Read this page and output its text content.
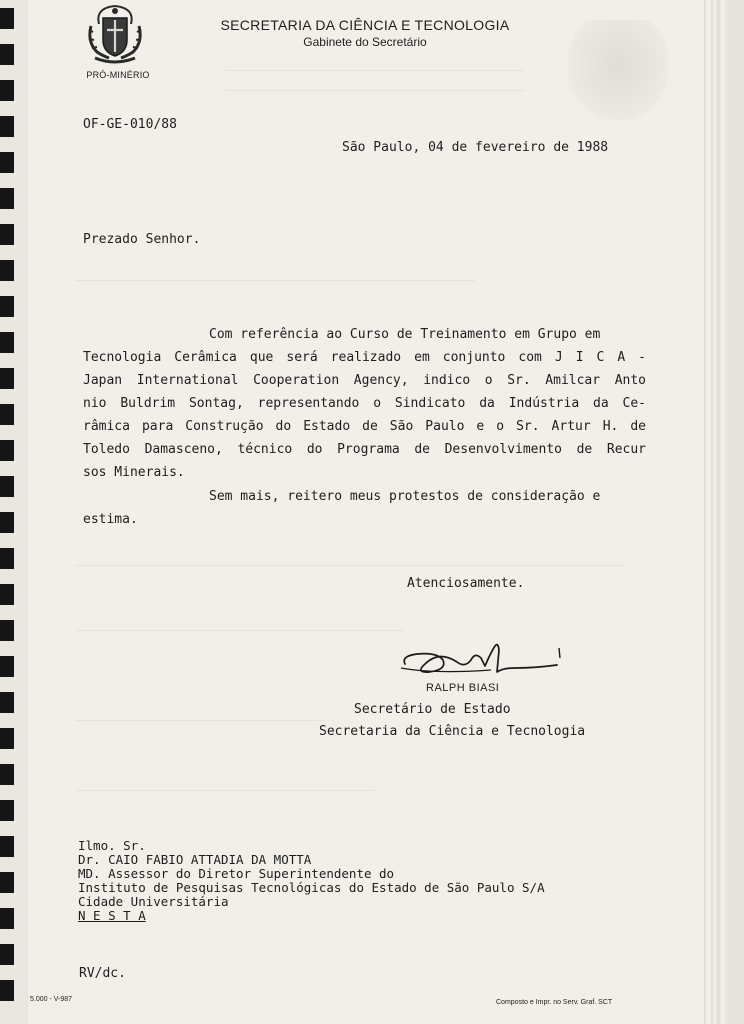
PRÓ-MINÉRIO
SECRETARIA DA CIÊNCIA E TECNOLOGIA
Gabinete do Secretário
OF-GE-010/88
São Paulo, 04 de fevereiro de 1988
Prezado Senhor.
Com referência ao Curso de Treinamento em Grupo em
Tecnologia Cerâmica que será realizado em conjunto com J I C A -
Japan International Cooperation Agency, indico o Sr. Amilcar Anto
nio Buldrim Sontag, representando o Sindicato da Indústria da Ce-
râmica para Construção do Estado de São Paulo e o Sr. Artur H. de
Toledo Damasceno, técnico do Programa de Desenvolvimento de Recur
sos Minerais.
Sem mais, reitero meus protestos de consideração e
estima.
Atenciosamente.
RALPH BIASI
Secretário de Estado
Secretaria da Ciência e Tecnologia
Ilmo. Sr.
Dr. CAIO FABIO ATTADIA DA MOTTA
MD. Assessor do Diretor Superintendente do
Instituto de Pesquisas Tecnológicas do Estado de São Paulo S/A
Cidade Universitária
N E S T A
RV/dc.
5.000 - V-987	Composto e Impr. no Serv. Graf. SCT
